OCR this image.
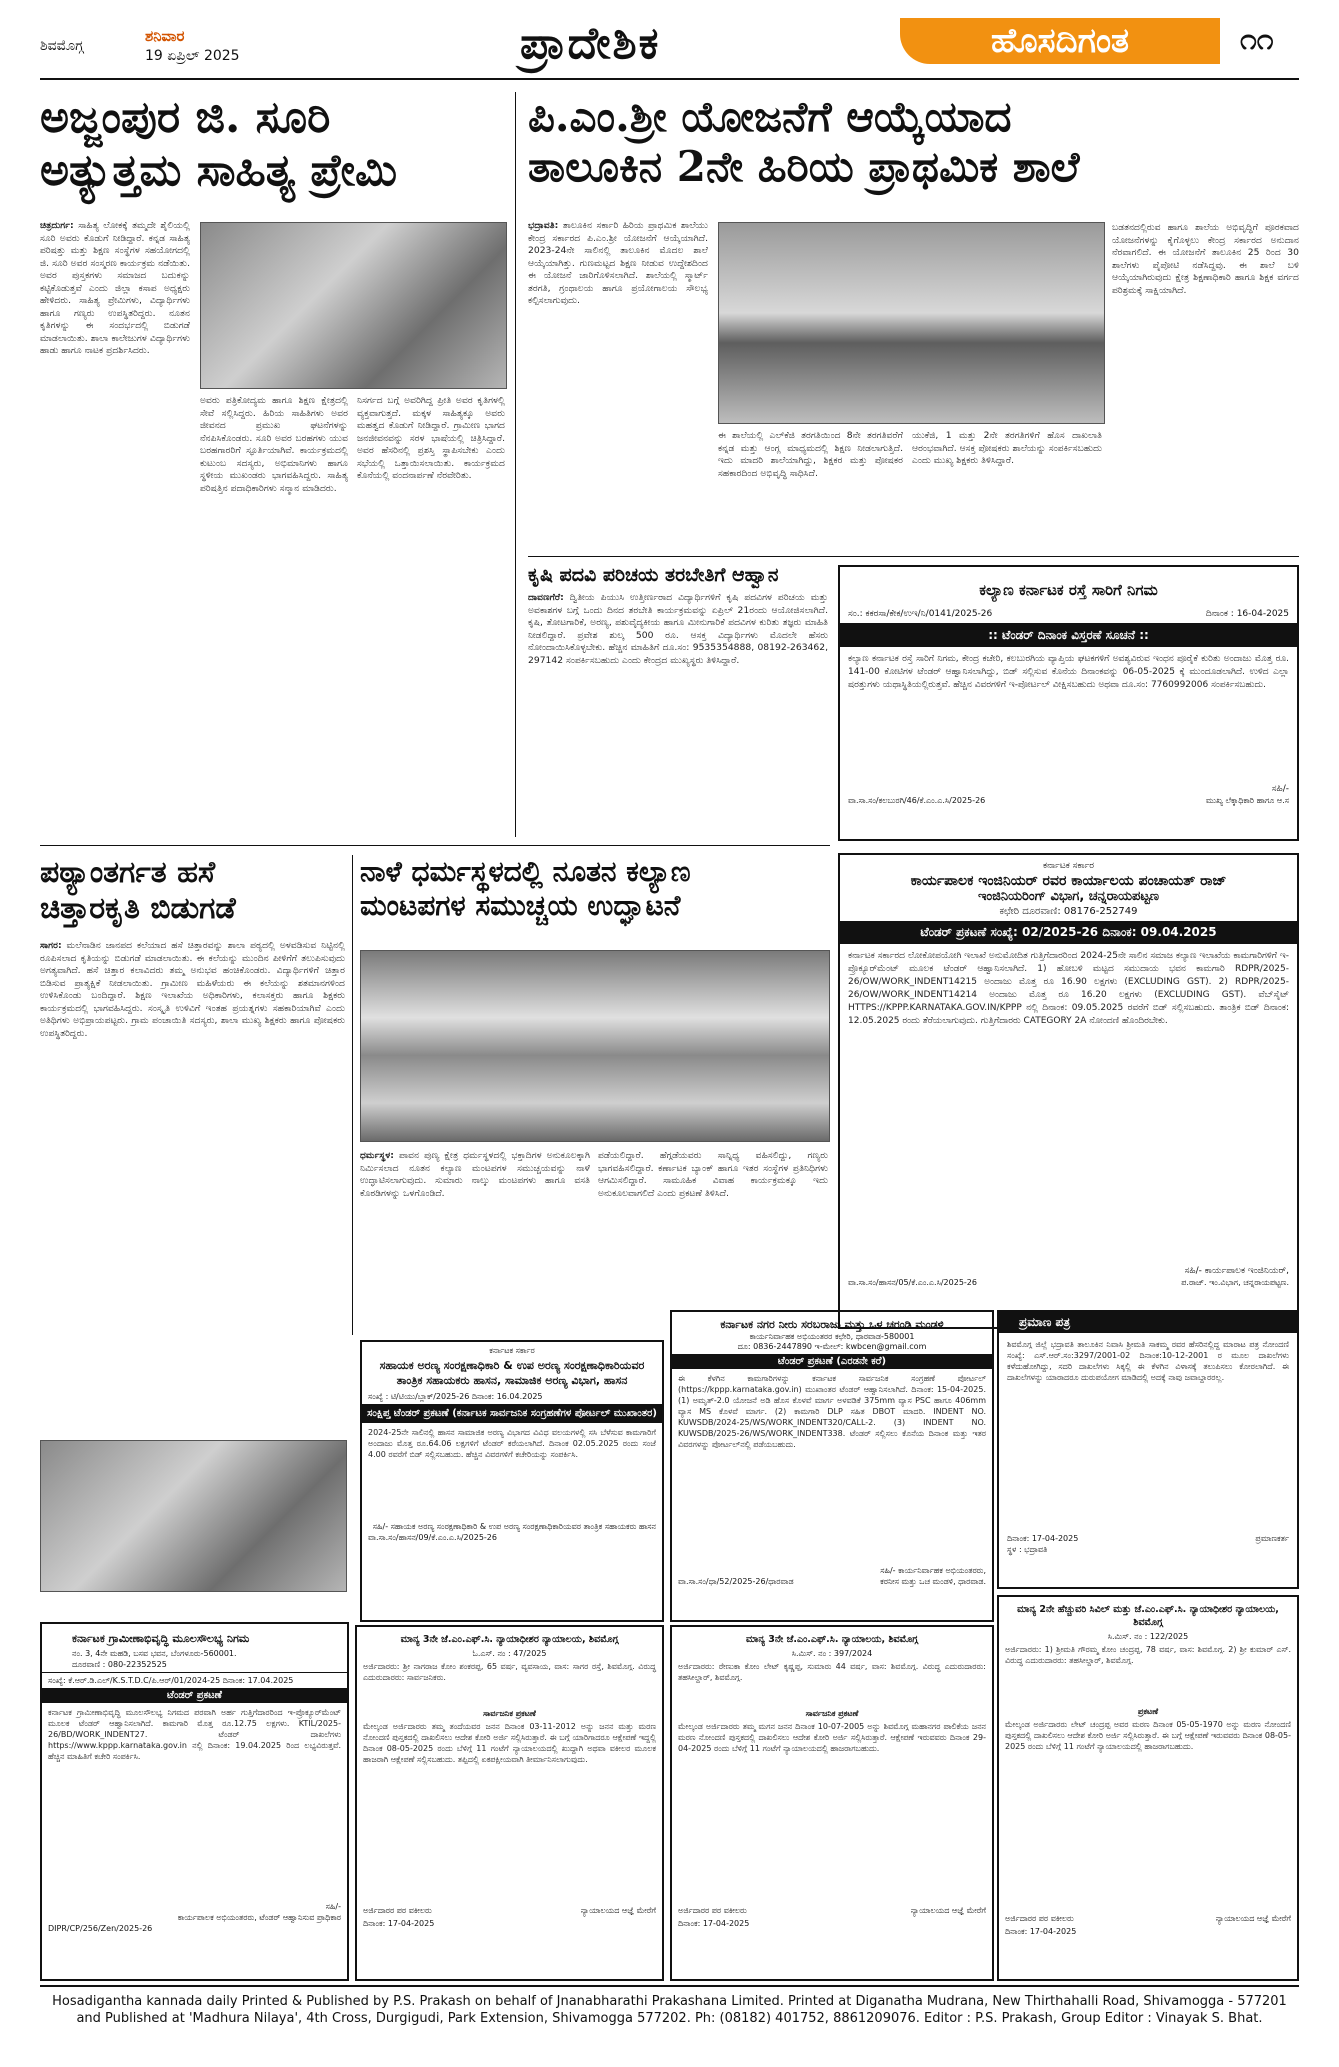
ಶಿವಮೊಗ್ಗ
ಶನಿವಾರ
19 ಏಪ್ರಿಲ್ 2025	ಪ್ರಾದೇಶಿಕ	ಹೊಸದಿಗಂತ	೧೧
ಅಜ್ಜಂಪುರ ಜಿ. ಸೂರಿ
ಅತ್ಯುತ್ತಮ ಸಾಹಿತ್ಯ ಪ್ರೇಮಿ
ಚಿತ್ರದುರ್ಗ: ಸಾಹಿತ್ಯ ಲೋಕಕ್ಕೆ ತಮ್ಮದೇ ಶೈಲಿಯಲ್ಲಿ ಸೂರಿ ಅವರು ಕೊಡುಗೆ ನೀಡಿದ್ದಾರೆ. ಕನ್ನಡ ಸಾಹಿತ್ಯ ಪರಿಷತ್ತು ಮತ್ತು ಶಿಕ್ಷಣ ಸಂಸ್ಥೆಗಳ ಸಹಯೋಗದಲ್ಲಿ ಜಿ. ಸೂರಿ ಅವರ ಸಂಸ್ಮರಣ ಕಾರ್ಯಕ್ರಮ ನಡೆಯಿತು. ಅವರ ಪುಸ್ತಕಗಳು ಸಮಾಜದ ಬದುಕನ್ನು ಕಟ್ಟಿಕೊಡುತ್ತವೆ ಎಂದು ಜಿಲ್ಲಾ ಕಸಾಪ ಅಧ್ಯಕ್ಷರು ಹೇಳಿದರು. ಸಾಹಿತ್ಯ ಪ್ರೇಮಿಗಳು, ವಿದ್ಯಾರ್ಥಿಗಳು ಹಾಗೂ ಗಣ್ಯರು ಉಪಸ್ಥಿತರಿದ್ದರು. ನೂತನ ಕೃತಿಗಳನ್ನು ಈ ಸಂದರ್ಭದಲ್ಲಿ ಬಿಡುಗಡೆ ಮಾಡಲಾಯಿತು. ಶಾಲಾ ಕಾಲೇಜುಗಳ ವಿದ್ಯಾರ್ಥಿಗಳು ಹಾಡು ಹಾಗೂ ನಾಟಕ ಪ್ರದರ್ಶಿಸಿದರು.
ಅವರು ಪತ್ರಿಕೋದ್ಯಮ ಹಾಗೂ ಶಿಕ್ಷಣ ಕ್ಷೇತ್ರದಲ್ಲಿ ಸೇವೆ ಸಲ್ಲಿಸಿದ್ದರು. ಹಿರಿಯ ಸಾಹಿತಿಗಳು ಅವರ ಜೀವನದ ಪ್ರಮುಖ ಘಟನೆಗಳನ್ನು ನೆನಪಿಸಿಕೊಂಡರು. ಸೂರಿ ಅವರ ಬರಹಗಳು ಯುವ ಬರಹಗಾರರಿಗೆ ಸ್ಫೂರ್ತಿಯಾಗಿವೆ. ಕಾರ್ಯಕ್ರಮದಲ್ಲಿ ಕುಟುಂಬ ಸದಸ್ಯರು, ಅಭಿಮಾನಿಗಳು ಹಾಗೂ ಸ್ಥಳೀಯ ಮುಖಂಡರು ಭಾಗವಹಿಸಿದ್ದರು. ಸಾಹಿತ್ಯ ಪರಿಷತ್ತಿನ ಪದಾಧಿಕಾರಿಗಳು ಸನ್ಮಾನ ಮಾಡಿದರು.
ನಿಸರ್ಗದ ಬಗ್ಗೆ ಅವರಿಗಿದ್ದ ಪ್ರೀತಿ ಅವರ ಕೃತಿಗಳಲ್ಲಿ ವ್ಯಕ್ತವಾಗುತ್ತದೆ. ಮಕ್ಕಳ ಸಾಹಿತ್ಯಕ್ಕೂ ಅವರು ಮಹತ್ವದ ಕೊಡುಗೆ ನೀಡಿದ್ದಾರೆ. ಗ್ರಾಮೀಣ ಭಾಗದ ಜನಜೀವನವನ್ನು ಸರಳ ಭಾಷೆಯಲ್ಲಿ ಚಿತ್ರಿಸಿದ್ದಾರೆ. ಅವರ ಹೆಸರಿನಲ್ಲಿ ಪ್ರಶಸ್ತಿ ಸ್ಥಾಪಿಸಬೇಕು ಎಂದು ಸಭೆಯಲ್ಲಿ ಒತ್ತಾಯಿಸಲಾಯಿತು. ಕಾರ್ಯಕ್ರಮದ ಕೊನೆಯಲ್ಲಿ ವಂದನಾರ್ಪಣೆ ನೆರವೇರಿತು.
ಪಿ.ಎಂ.ಶ್ರೀ ಯೋಜನೆಗೆ ಆಯ್ಕೆಯಾದ
ತಾಲೂಕಿನ 2ನೇ ಹಿರಿಯ ಪ್ರಾಥಮಿಕ ಶಾಲೆ
ಭದ್ರಾವತಿ: ತಾಲೂಕಿನ ಸರ್ಕಾರಿ ಹಿರಿಯ ಪ್ರಾಥಮಿಕ ಶಾಲೆಯು ಕೇಂದ್ರ ಸರ್ಕಾರದ ಪಿ.ಎಂ.ಶ್ರೀ ಯೋಜನೆಗೆ ಆಯ್ಕೆಯಾಗಿದೆ. 2023-24ನೇ ಸಾಲಿನಲ್ಲಿ ತಾಲೂಕಿನ ಮೊದಲ ಶಾಲೆ ಆಯ್ಕೆಯಾಗಿತ್ತು. ಗುಣಮಟ್ಟದ ಶಿಕ್ಷಣ ನೀಡುವ ಉದ್ದೇಶದಿಂದ ಈ ಯೋಜನೆ ಜಾರಿಗೊಳಿಸಲಾಗಿದೆ. ಶಾಲೆಯಲ್ಲಿ ಸ್ಮಾರ್ಟ್ ತರಗತಿ, ಗ್ರಂಥಾಲಯ ಹಾಗೂ ಪ್ರಯೋಗಾಲಯ ಸೌಲಭ್ಯ ಕಲ್ಪಿಸಲಾಗುವುದು.
ಈ ಶಾಲೆಯಲ್ಲಿ ಎಲ್‌ಕೆಜಿ ತರಗತಿಯಿಂದ 8ನೇ ತರಗತಿವರೆಗೆ ಕನ್ನಡ ಮತ್ತು ಆಂಗ್ಲ ಮಾಧ್ಯಮದಲ್ಲಿ ಶಿಕ್ಷಣ ನೀಡಲಾಗುತ್ತಿದೆ. ಇದು ಮಾದರಿ ಶಾಲೆಯಾಗಿದ್ದು, ಶಿಕ್ಷಕರ ಮತ್ತು ಪೋಷಕರ ಸಹಕಾರದಿಂದ ಅಭಿವೃದ್ಧಿ ಸಾಧಿಸಿದೆ.
ಯುಕೆಜಿ, 1 ಮತ್ತು 2ನೇ ತರಗತಿಗಳಿಗೆ ಹೊಸ ದಾಖಲಾತಿ ಆರಂಭವಾಗಿದೆ. ಆಸಕ್ತ ಪೋಷಕರು ಶಾಲೆಯನ್ನು ಸಂಪರ್ಕಿಸಬಹುದು ಎಂದು ಮುಖ್ಯ ಶಿಕ್ಷಕರು ತಿಳಿಸಿದ್ದಾರೆ.
ಬಡತನದಲ್ಲಿರುವ ಹಾಗೂ ಶಾಲೆಯ ಅಭಿವೃದ್ಧಿಗೆ ಪೂರಕವಾದ ಯೋಜನೆಗಳನ್ನು ಕೈಗೊಳ್ಳಲು ಕೇಂದ್ರ ಸರ್ಕಾರದ ಅನುದಾನ ನೆರವಾಗಲಿದೆ. ಈ ಯೋಜನೆಗೆ ತಾಲೂಕಿನ 25 ರಿಂದ 30 ಶಾಲೆಗಳು ಪೈಪೋಟಿ ನಡೆಸಿದ್ದವು. ಈ ಶಾಲೆ ಬಳಿ ಆಯ್ಕೆಯಾಗಿರುವುದು ಕ್ಷೇತ್ರ ಶಿಕ್ಷಣಾಧಿಕಾರಿ ಹಾಗೂ ಶಿಕ್ಷಕ ವರ್ಗದ ಪರಿಶ್ರಮಕ್ಕೆ ಸಾಕ್ಷಿಯಾಗಿದೆ.
ಕೃಷಿ ಪದವಿ ಪರಿಚಯ ತರಬೇತಿಗೆ ಆಹ್ವಾನ
ದಾವಣಗೆರೆ: ದ್ವಿತೀಯ ಪಿಯುಸಿ ಉತ್ತೀರ್ಣರಾದ ವಿದ್ಯಾರ್ಥಿಗಳಿಗೆ ಕೃಷಿ ಪದವಿಗಳ ಪರಿಚಯ ಮತ್ತು ಅವಕಾಶಗಳ ಬಗ್ಗೆ ಒಂದು ದಿನದ ತರಬೇತಿ ಕಾರ್ಯಕ್ರಮವನ್ನು ಏಪ್ರಿಲ್ 21ರಂದು ಆಯೋಜಿಸಲಾಗಿದೆ. ಕೃಷಿ, ತೋಟಗಾರಿಕೆ, ಅರಣ್ಯ, ಪಶುವೈದ್ಯಕೀಯ ಹಾಗೂ ಮೀನುಗಾರಿಕೆ ಪದವಿಗಳ ಕುರಿತು ತಜ್ಞರು ಮಾಹಿತಿ ನೀಡಲಿದ್ದಾರೆ. ಪ್ರವೇಶ ಶುಲ್ಕ 500 ರೂ. ಆಸಕ್ತ ವಿದ್ಯಾರ್ಥಿಗಳು ಮೊದಲೇ ಹೆಸರು ನೋಂದಾಯಿಸಿಕೊಳ್ಳಬೇಕು. ಹೆಚ್ಚಿನ ಮಾಹಿತಿಗೆ ದೂ.ಸಂ: 9535354888, 08192-263462, 297142 ಸಂಪರ್ಕಿಸಬಹುದು ಎಂದು ಕೇಂದ್ರದ ಮುಖ್ಯಸ್ಥರು ತಿಳಿಸಿದ್ದಾರೆ.
ಕಲ್ಯಾಣ ಕರ್ನಾಟಕ ರಸ್ತೆ ಸಾರಿಗೆ ನಿಗಮ
ಸಂ.: ಕಕರಸಾ/ಕೇಕ/ಉಇ/ನಿ/0141/2025-26	ದಿನಾಂಕ : 16-04-2025
:: ಟೆಂಡರ್ ದಿನಾಂಕ ವಿಸ್ತರಣೆ ಸೂಚನೆ ::
ಕಲ್ಯಾಣ ಕರ್ನಾಟಕ ರಸ್ತೆ ಸಾರಿಗೆ ನಿಗಮ, ಕೇಂದ್ರ ಕಚೇರಿ, ಕಲಬುರಗಿಯ ವ್ಯಾಪ್ತಿಯ ಘಟಕಗಳಿಗೆ ಅವಶ್ಯವಿರುವ ಇಂಧನ ಪೂರೈಕೆ ಕುರಿತು ಅಂದಾಜು ಮೊತ್ತ ರೂ. 141-00 ಕೋಟಿಗಳ ಟೆಂಡರ್ ಆಹ್ವಾನಿಸಲಾಗಿದ್ದು, ಬಿಡ್ ಸಲ್ಲಿಸುವ ಕೊನೆಯ ದಿನಾಂಕವನ್ನು 06-05-2025 ಕ್ಕೆ ಮುಂದೂಡಲಾಗಿದೆ. ಉಳಿದ ಎಲ್ಲಾ ಷರತ್ತುಗಳು ಯಥಾಸ್ಥಿತಿಯಲ್ಲಿರುತ್ತವೆ. ಹೆಚ್ಚಿನ ವಿವರಗಳಿಗೆ ಇ-ಪೋರ್ಟಲ್ ವೀಕ್ಷಿಸಬಹುದು ಅಥವಾ ದೂ.ಸಂ: 7760992006 ಸಂಪರ್ಕಿಸಬಹುದು.
ಸಹಿ/-
ವಾ.ಸಾ.ಸಂ/ಕಲಬುರಗಿ/46/ಕೆ.ಎಂ.ಎ.ಸಿ/2025-26	ಮುಖ್ಯ ಲೆಕ್ಕಾಧಿಕಾರಿ ಹಾಗೂ ಆ.ಸ
ಪಠ್ಯಾಂತರ್ಗತ ಹಸೆ
ಚಿತ್ತಾರಕೃತಿ ಬಿಡುಗಡೆ
ಸಾಗರ: ಮಲೆನಾಡಿನ ಜಾನಪದ ಕಲೆಯಾದ ಹಸೆ ಚಿತ್ತಾರವನ್ನು ಶಾಲಾ ಪಠ್ಯದಲ್ಲಿ ಅಳವಡಿಸುವ ನಿಟ್ಟಿನಲ್ಲಿ ರೂಪಿಸಲಾದ ಕೃತಿಯನ್ನು ಬಿಡುಗಡೆ ಮಾಡಲಾಯಿತು. ಈ ಕಲೆಯನ್ನು ಮುಂದಿನ ಪೀಳಿಗೆಗೆ ತಲುಪಿಸುವುದು ಅಗತ್ಯವಾಗಿದೆ. ಹಸೆ ಚಿತ್ತಾರ ಕಲಾವಿದರು ತಮ್ಮ ಅನುಭವ ಹಂಚಿಕೊಂಡರು. ವಿದ್ಯಾರ್ಥಿಗಳಿಗೆ ಚಿತ್ತಾರ ಬಿಡಿಸುವ ಪ್ರಾತ್ಯಕ್ಷಿಕೆ ನೀಡಲಾಯಿತು. ಗ್ರಾಮೀಣ ಮಹಿಳೆಯರು ಈ ಕಲೆಯನ್ನು ಶತಮಾನಗಳಿಂದ ಉಳಿಸಿಕೊಂಡು ಬಂದಿದ್ದಾರೆ. ಶಿಕ್ಷಣ ಇಲಾಖೆಯ ಅಧಿಕಾರಿಗಳು, ಕಲಾಸಕ್ತರು ಹಾಗೂ ಶಿಕ್ಷಕರು ಕಾರ್ಯಕ್ರಮದಲ್ಲಿ ಭಾಗವಹಿಸಿದ್ದರು. ಸಂಸ್ಕೃತಿ ಉಳಿವಿಗೆ ಇಂತಹ ಪ್ರಯತ್ನಗಳು ಸಹಕಾರಿಯಾಗಿವೆ ಎಂದು ಅತಿಥಿಗಳು ಅಭಿಪ್ರಾಯಪಟ್ಟರು. ಗ್ರಾಮ ಪಂಚಾಯಿತಿ ಸದಸ್ಯರು, ಶಾಲಾ ಮುಖ್ಯ ಶಿಕ್ಷಕರು ಹಾಗೂ ಪೋಷಕರು ಉಪಸ್ಥಿತರಿದ್ದರು.
ನಾಳೆ ಧರ್ಮಸ್ಥಳದಲ್ಲಿ ನೂತನ ಕಲ್ಯಾಣ
ಮಂಟಪಗಳ ಸಮುಚ್ಚಯ ಉದ್ಘಾಟನೆ
ಧರ್ಮಸ್ಥಳ: ಪಾವನ ಪುಣ್ಯ ಕ್ಷೇತ್ರ ಧರ್ಮಸ್ಥಳದಲ್ಲಿ ಭಕ್ತಾದಿಗಳ ಅನುಕೂಲಕ್ಕಾಗಿ ನಿರ್ಮಿಸಲಾದ ನೂತನ ಕಲ್ಯಾಣ ಮಂಟಪಗಳ ಸಮುಚ್ಚಯವನ್ನು ನಾಳೆ ಉದ್ಘಾಟಿಸಲಾಗುವುದು. ಸುಮಾರು ನಾಲ್ಕು ಮಂಟಪಗಳು ಹಾಗೂ ವಸತಿ ಕೊಠಡಿಗಳನ್ನು ಒಳಗೊಂಡಿದೆ.
ಪಡೆಯಲಿದ್ದಾರೆ. ಹೆಗ್ಗಡೆಯವರು ಸಾನ್ನಿಧ್ಯ ವಹಿಸಲಿದ್ದು, ಗಣ್ಯರು ಭಾಗವಹಿಸಲಿದ್ದಾರೆ. ಕರ್ಣಾಟಕ ಬ್ಯಾಂಕ್ ಹಾಗೂ ಇತರ ಸಂಸ್ಥೆಗಳ ಪ್ರತಿನಿಧಿಗಳು ಆಗಮಿಸಲಿದ್ದಾರೆ. ಸಾಮೂಹಿಕ ವಿವಾಹ ಕಾರ್ಯಕ್ರಮಕ್ಕೂ ಇದು ಅನುಕೂಲವಾಗಲಿದೆ ಎಂದು ಪ್ರಕಟಣೆ ತಿಳಿಸಿದೆ.
ಕರ್ನಾಟಕ ಸರ್ಕಾರ
ಕಾರ್ಯಪಾಲಕ ಇಂಜಿನಿಯರ್ ರವರ ಕಾರ್ಯಾಲಯ ಪಂಚಾಯತ್ ರಾಜ್
ಇಂಜಿನಿಯರಿಂಗ್ ವಿಭಾಗ, ಚನ್ನರಾಯಪಟ್ಟಣ
ಕಛೇರಿ ದೂರವಾಣಿ: 08176-252749
ಟೆಂಡರ್ ಪ್ರಕಟಣೆ ಸಂಖ್ಯೆ: 02/2025-26 ದಿನಾಂಕ: 09.04.2025
ಕರ್ನಾಟಕ ಸರ್ಕಾರದ ಲೋಕೋಪಯೋಗಿ ಇಲಾಖೆ ಅನುಮೋದಿತ ಗುತ್ತಿಗೆದಾರರಿಂದ 2024-25ನೇ ಸಾಲಿನ ಸಮಾಜ ಕಲ್ಯಾಣ ಇಲಾಖೆಯ ಕಾಮಗಾರಿಗಳಿಗೆ ಇ-ಪ್ರೊಕ್ಯೂರ್‌ಮೆಂಟ್ ಮೂಲಕ ಟೆಂಡರ್ ಆಹ್ವಾನಿಸಲಾಗಿದೆ. 1) ಹೋಬಳಿ ಮಟ್ಟದ ಸಮುದಾಯ ಭವನ ಕಾಮಗಾರಿ RDPR/2025-26/OW/WORK_INDENT14215 ಅಂದಾಜು ಮೊತ್ತ ರೂ 16.90 ಲಕ್ಷಗಳು (EXCLUDING GST). 2) RDPR/2025-26/OW/WORK_INDENT14214 ಅಂದಾಜು ಮೊತ್ತ ರೂ 16.20 ಲಕ್ಷಗಳು (EXCLUDING GST). ವೆಬ್‌ಸೈಟ್ HTTPS://KPPP.KARNATAKA.GOV.IN/KPPP ನಲ್ಲಿ ದಿನಾಂಕ: 09.05.2025 ರವರೆಗೆ ಬಿಡ್ ಸಲ್ಲಿಸಬಹುದು. ತಾಂತ್ರಿಕ ಬಿಡ್ ದಿನಾಂಕ: 12.05.2025 ರಂದು ತೆರೆಯಲಾಗುವುದು. ಗುತ್ತಿಗೆದಾರರು CATEGORY 2A ನೋಂದಣಿ ಹೊಂದಿರಬೇಕು.
ಸಹಿ/- ಕಾರ್ಯಪಾಲಕ ಇಂಜಿನಿಯರ್,
ವಾ.ಸಾ.ಸಂ/ಹಾಸನ/05/ಕೆ.ಎಂ.ಎ.ಸಿ/2025-26	ಪ.ರಾಜ್. ಇಂ.ವಿಭಾಗ, ಚನ್ನರಾಯಪಟ್ಟಣ.
ಕರ್ನಾಟಕ ಸರ್ಕಾರ
ಸಹಾಯಕ ಅರಣ್ಯ ಸಂರಕ್ಷಣಾಧಿಕಾರಿ & ಉಪ ಅರಣ್ಯ ಸಂರಕ್ಷಣಾಧಿಕಾರಿಯವರ ತಾಂತ್ರಿಕ ಸಹಾಯಕರು ಹಾಸನ, ಸಾಮಾಜಿಕ ಅರಣ್ಯ ವಿಭಾಗ, ಹಾಸನ
ಸಂಖ್ಯೆ : ಟಿ/ಟಿಯು/ಬ್ಲಾಕ್‌/2025-26 ದಿನಾಂಕ: 16.04.2025
ಸಂಕ್ಷಿಪ್ತ ಟೆಂಡರ್ ಪ್ರಕಟಣೆ (ಕರ್ನಾಟಕ ಸಾರ್ವಜನಿಕ ಸಂಗ್ರಹಣೆಗಳ ಪೋರ್ಟಲ್ ಮುಖಾಂತರ)
2024-25ನೇ ಸಾಲಿನಲ್ಲಿ ಹಾಸನ ಸಾಮಾಜಿಕ ಅರಣ್ಯ ವಿಭಾಗದ ವಿವಿಧ ವಲಯಗಳಲ್ಲಿ ಸಸಿ ಬೆಳೆಸುವ ಕಾಮಗಾರಿಗೆ ಅಂದಾಜು ಮೊತ್ತ ರೂ.64.06 ಲಕ್ಷಗಳಿಗೆ ಟೆಂಡರ್ ಕರೆಯಲಾಗಿದೆ. ದಿನಾಂಕ 02.05.2025 ರಂದು ಸಂಜೆ 4.00 ರವರೆಗೆ ಬಿಡ್ ಸಲ್ಲಿಸಬಹುದು. ಹೆಚ್ಚಿನ ವಿವರಗಳಿಗೆ ಕಚೇರಿಯನ್ನು ಸಂಪರ್ಕಿಸಿ.
ಸಹಿ/- ಸಹಾಯಕ ಅರಣ್ಯ ಸಂರಕ್ಷಣಾಧಿಕಾರಿ & ಉಪ ಅರಣ್ಯ ಸಂರಕ್ಷಣಾಧಿಕಾರಿಯವರ ತಾಂತ್ರಿಕ ಸಹಾಯಕರು ಹಾಸನ
ವಾ.ಸಾ.ಸಂ/ಹಾಸನ/09/ಕೆ.ಎಂ.ಎ.ಸಿ/2025-26
ಕರ್ನಾಟಕ ನಗರ ನೀರು ಸರಬರಾಜು ಮತ್ತು ಒಳ ಚರಂಡಿ ಮಂಡಳಿ
ಕಾರ್ಯನಿರ್ವಾಹಕ ಅಭಿಯಂತರರ ಕಛೇರಿ, ಧಾರವಾಡ-580001
ದೂ: 0836-2447890 ಇ-ಮೇಲ್: kwbcen@gmail.com
ಟೆಂಡರ್ ಪ್ರಕಟಣೆ (ಎರಡನೇ ಕರೆ)
ಈ ಕೆಳಗಿನ ಕಾಮಗಾರಿಗಳನ್ನು ಕರ್ನಾಟಕ ಸಾರ್ವಜನಿಕ ಸಂಗ್ರಹಣೆ ಪೋರ್ಟಲ್ (https://kppp.karnataka.gov.in) ಮುಖಾಂತರ ಟೆಂಡರ್ ಆಹ್ವಾನಿಸಲಾಗಿದೆ. ದಿನಾಂಕ: 15-04-2025. (1) ಅಮೃತ್-2.0 ಯೋಜನೆ ಅಡಿ ಹೊಸ ಕೊಳವೆ ಮಾರ್ಗ ಅಳವಡಿಕೆ 375mm ವ್ಯಾಸ PSC ಹಾಗೂ 406mm ವ್ಯಾಸ MS ಕೊಳವೆ ಮಾರ್ಗ. (2) ಕಾಮಗಾರಿ DLP ಸಹಿತ DBOT ಮಾದರಿ. INDENT NO. KUWSDB/2024-25/WS/WORK_INDENT320/CALL-2. (3) INDENT NO. KUWSDB/2025-26/WS/WORK_INDENT338. ಟೆಂಡರ್ ಸಲ್ಲಿಸಲು ಕೊನೆಯ ದಿನಾಂಕ ಮತ್ತು ಇತರ ವಿವರಗಳನ್ನು ಪೋರ್ಟಲ್‌ನಲ್ಲಿ ಪಡೆಯಬಹುದು.
ಸಹಿ/- ಕಾರ್ಯನಿರ್ವಾಹಕ ಅಭಿಯಂತರರು,
ವಾ.ಸಾ.ಸಂ/ಧಾ/52/2025-26/ಧಾರವಾಡ	ಕರನೀಸ ಮತ್ತು ಒಚ ಮಂಡಳಿ, ಧಾರವಾಡ.
ಪ್ರಮಾಣ ಪತ್ರ
ಶಿವಮೊಗ್ಗ ಜಿಲ್ಲೆ ಭದ್ರಾವತಿ ತಾಲೂಕಿನ ನಿವಾಸಿ ಶ್ರೀಮತಿ ಸಾಕಮ್ಮ ರವರ ಹೆಸರಿನಲ್ಲಿದ್ದ ಮಾರಾಟ ಪತ್ರ ನೋಂದಣಿ ಸಂಖ್ಯೆ: ಎಸ್.ಆರ್.ಸಂ:3297/2001-02 ದಿನಾಂಕ:10-12-2001 ರ ಮೂಲ ದಾಖಲೆಗಳು ಕಳೆದುಹೋಗಿದ್ದು, ಸದರಿ ದಾಖಲೆಗಳು ಸಿಕ್ಕಲ್ಲಿ ಈ ಕೆಳಗಿನ ವಿಳಾಸಕ್ಕೆ ತಲುಪಿಸಲು ಕೋರಲಾಗಿದೆ. ಈ ದಾಖಲೆಗಳನ್ನು ಯಾರಾದರೂ ದುರುಪಯೋಗ ಮಾಡಿದಲ್ಲಿ ಅದಕ್ಕೆ ನಾವು ಜವಾಬ್ದಾರರಲ್ಲ.
ದಿನಾಂಕ: 17-04-2025	ಪ್ರಮಾಣಕರ್ತ
ಸ್ಥಳ : ಭದ್ರಾವತಿ
ಕರ್ನಾಟಕ ಗ್ರಾಮೀಣಾಭಿವೃದ್ಧಿ ಮೂಲಸೌಲಭ್ಯ ನಿಗಮ
ನಂ. 3, 4ನೇ ಮಹಡಿ, ಬಸವ ಭವನ, ಬೆಂಗಳೂರು-560001.
ದೂರವಾಣಿ : 080-22352525
ಸಂಖ್ಯೆ: ಕೆ.ಆರ್.ಡಿ.ಎಲ್/K.S.T.D.C/ಪಿ.ಆರ್/01/2024-25 ದಿನಾಂಕ: 17.04.2025
ಟೆಂಡರ್ ಪ್ರಕಟಣೆ
ಕರ್ನಾಟಕ ಗ್ರಾಮೀಣಾಭಿವೃದ್ಧಿ ಮೂಲಸೌಲಭ್ಯ ನಿಗಮದ ಪರವಾಗಿ ಅರ್ಹ ಗುತ್ತಿಗೆದಾರರಿಂದ ಇ-ಪ್ರೊಕ್ಯೂರ್‌ಮೆಂಟ್ ಮೂಲಕ ಟೆಂಡರ್ ಆಹ್ವಾನಿಸಲಾಗಿದೆ. ಕಾಮಗಾರಿ ಮೊತ್ತ ರೂ.12.75 ಲಕ್ಷಗಳು. KTIL/2025-26/BD/WORK_INDENT27. ಟೆಂಡರ್ ದಾಖಲೆಗಳು https://www.kppp.karnataka.gov.in ನಲ್ಲಿ ದಿನಾಂಕ: 19.04.2025 ರಿಂದ ಲಭ್ಯವಿರುತ್ತವೆ. ಹೆಚ್ಚಿನ ಮಾಹಿತಿಗೆ ಕಚೇರಿ ಸಂಪರ್ಕಿಸಿ.
ಸಹಿ/-
ಕಾರ್ಯಪಾಲಕ ಅಭಿಯಂತರರು, ಟೆಂಡರ್ ಆಹ್ವಾನಿಸುವ ಪ್ರಾಧಿಕಾರ
DIPR/CP/256/Zen/2025-26
ಮಾನ್ಯ 3ನೇ ಜೆ.ಎಂ.ಎಫ್.ಸಿ. ನ್ಯಾಯಾಧೀಶರ ನ್ಯಾಯಾಲಯ, ಶಿವಮೊಗ್ಗ
ಓ.ಎಸ್. ನಂ : 47/2025
ಅರ್ಜಿದಾರರು: ಶ್ರೀ ನಾಗರಾಜ ಕೋಂ ಶಂಕರಪ್ಪ, 65 ವರ್ಷ, ವ್ಯವಸಾಯ, ವಾಸ: ಸಾಗರ ರಸ್ತೆ, ಶಿವಮೊಗ್ಗ. ವಿರುದ್ಧ ಎದುರುದಾರರು: ಸಾರ್ವಜನಿಕರು.
ಸಾರ್ವಜನಿಕ ಪ್ರಕಟಣೆ
ಮೇಲ್ಕಂಡ ಅರ್ಜಿದಾರರು ತಮ್ಮ ತಂದೆಯವರ ಜನನ ದಿನಾಂಕ 03-11-2012 ಅನ್ನು ಜನನ ಮತ್ತು ಮರಣ ನೋಂದಣಿ ಪುಸ್ತಕದಲ್ಲಿ ದಾಖಲಿಸಲು ಆದೇಶ ಕೋರಿ ಅರ್ಜಿ ಸಲ್ಲಿಸಿರುತ್ತಾರೆ. ಈ ಬಗ್ಗೆ ಯಾರಿಗಾದರೂ ಆಕ್ಷೇಪಣೆ ಇದ್ದಲ್ಲಿ ದಿನಾಂಕ 08-05-2025 ರಂದು ಬೆಳಿಗ್ಗೆ 11 ಗಂಟೆಗೆ ನ್ಯಾಯಾಲಯದಲ್ಲಿ ಖುದ್ದಾಗಿ ಅಥವಾ ವಕೀಲರ ಮೂಲಕ ಹಾಜರಾಗಿ ಆಕ್ಷೇಪಣೆ ಸಲ್ಲಿಸಬಹುದು. ತಪ್ಪಿದಲ್ಲಿ ಏಕಪಕ್ಷೀಯವಾಗಿ ತೀರ್ಮಾನಿಸಲಾಗುವುದು.
ಅರ್ಜಿದಾರರ ಪರ ವಕೀಲರು	ನ್ಯಾಯಾಲಯದ ಆಜ್ಞೆ ಮೇರೆಗೆ
ದಿನಾಂಕ: 17-04-2025
ಮಾನ್ಯ 3ನೇ ಜೆ.ಎಂ.ಎಫ್.ಸಿ. ನ್ಯಾಯಾಲಯ, ಶಿವಮೊಗ್ಗ
ಸಿ.ಮಿಸ್. ನಂ : 397/2024
ಅರ್ಜಿದಾರರು: ರೇಣುಕಾ ಕೋಂ ಲೇಟ್ ಕೃಷ್ಣಪ್ಪ, ಸುಮಾರು 44 ವರ್ಷ, ವಾಸ: ಶಿವಮೊಗ್ಗ. ವಿರುದ್ಧ ಎದುರುದಾರರು: ತಹಸೀಲ್ದಾರ್, ಶಿವಮೊಗ್ಗ.
ಸಾರ್ವಜನಿಕ ಪ್ರಕಟಣೆ
ಮೇಲ್ಕಂಡ ಅರ್ಜಿದಾರರು ತಮ್ಮ ಮಗನ ಜನನ ದಿನಾಂಕ 10-07-2005 ಅನ್ನು ಶಿವಮೊಗ್ಗ ಮಹಾನಗರ ಪಾಲಿಕೆಯ ಜನನ ಮರಣ ನೋಂದಣಿ ಪುಸ್ತಕದಲ್ಲಿ ದಾಖಲಿಸಲು ಆದೇಶ ಕೋರಿ ಅರ್ಜಿ ಸಲ್ಲಿಸಿರುತ್ತಾರೆ. ಆಕ್ಷೇಪಣೆ ಇರುವವರು ದಿನಾಂಕ 29-04-2025 ರಂದು ಬೆಳಿಗ್ಗೆ 11 ಗಂಟೆಗೆ ನ್ಯಾಯಾಲಯದಲ್ಲಿ ಹಾಜರಾಗಬಹುದು.
ಅರ್ಜಿದಾರರ ಪರ ವಕೀಲರು	ನ್ಯಾಯಾಲಯದ ಆಜ್ಞೆ ಮೇರೆಗೆ
ದಿನಾಂಕ: 17-04-2025
ಮಾನ್ಯ 2ನೇ ಹೆಚ್ಚುವರಿ ಸಿವಿಲ್ ಮತ್ತು ಜೆ.ಎಂ.ಎಫ್.ಸಿ. ನ್ಯಾಯಾಧೀಶರ ನ್ಯಾಯಾಲಯ, ಶಿವಮೊಗ್ಗ
ಸಿ.ಮಿಸ್. ನಂ : 122/2025
ಅರ್ಜಿದಾರರು: 1) ಶ್ರೀಮತಿ ಗೌರಮ್ಮ ಕೋಂ ಚಂದ್ರಪ್ಪ, 78 ವರ್ಷ, ವಾಸ: ಶಿವಮೊಗ್ಗ. 2) ಶ್ರೀ ಕುಮಾರ್ ಎಸ್. ವಿರುದ್ಧ ಎದುರುದಾರರು: ತಹಸೀಲ್ದಾರ್, ಶಿವಮೊಗ್ಗ.
ಪ್ರಕಟಣೆ
ಮೇಲ್ಕಂಡ ಅರ್ಜಿದಾರರು ಲೇಟ್ ಚಂದ್ರಪ್ಪ ಅವರ ಮರಣ ದಿನಾಂಕ 05-05-1970 ಅನ್ನು ಮರಣ ನೋಂದಣಿ ಪುಸ್ತಕದಲ್ಲಿ ದಾಖಲಿಸಲು ಆದೇಶ ಕೋರಿ ಅರ್ಜಿ ಸಲ್ಲಿಸಿರುತ್ತಾರೆ. ಈ ಬಗ್ಗೆ ಆಕ್ಷೇಪಣೆ ಇರುವವರು ದಿನಾಂಕ 08-05-2025 ರಂದು ಬೆಳಿಗ್ಗೆ 11 ಗಂಟೆಗೆ ನ್ಯಾಯಾಲಯದಲ್ಲಿ ಹಾಜರಾಗಬಹುದು.
ಅರ್ಜಿದಾರರ ಪರ ವಕೀಲರು	ನ್ಯಾಯಾಲಯದ ಆಜ್ಞೆ ಮೇರೆಗೆ
ದಿನಾಂಕ: 17-04-2025
Hosadigantha kannada daily Printed & Published by P.S. Prakash on behalf of Jnanabharathi Prakashana Limited. Printed at Diganatha Mudrana, New Thirthahalli Road, Shivamogga - 577201
and Published at 'Madhura Nilaya', 4th Cross, Durgigudi, Park Extension, Shivamogga 577202. Ph: (08182) 401752, 8861209076. Editor : P.S. Prakash, Group Editor : Vinayak S. Bhat.
